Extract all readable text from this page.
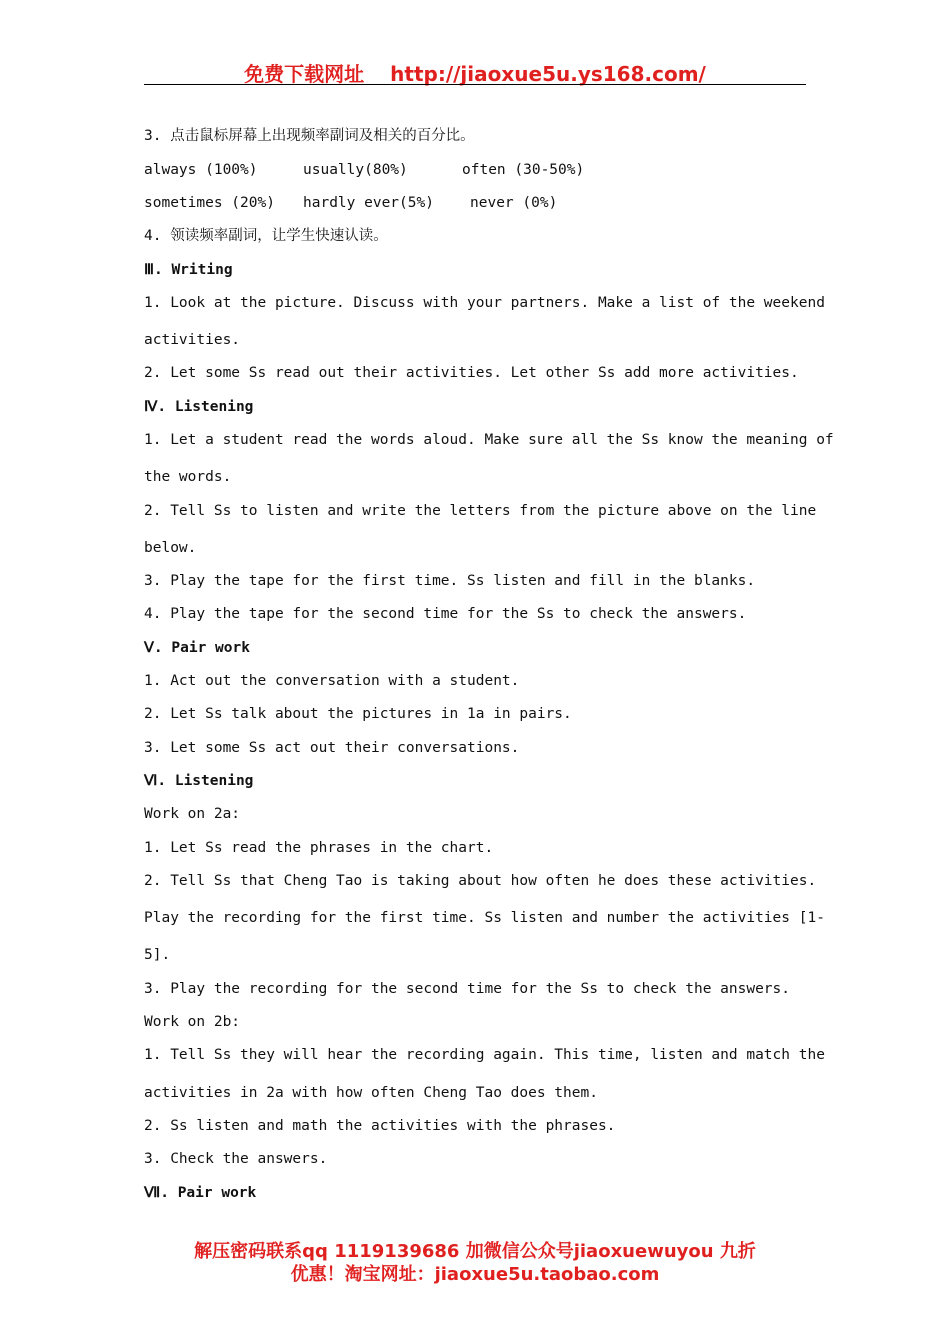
免费下载网址 http://jiaoxue5u.ys168.com/
3. 点击鼠标屏幕上出现频率副词及相关的百分比。
always (100%)	usually(80%)	often (30-50%)
sometimes (20%) hardly ever(5%) never (0%)
4. 领读频率副词，让学生快速认读。
Ⅲ. Writing
1. Look at the picture. Discuss with your partners. Make a list of the weekend
activities.
2. Let some Ss read out their activities. Let other Ss add more activities.
Ⅳ. Listening
1. Let a student read the words aloud. Make sure all the Ss know the meaning of
the words.
2. Tell Ss to listen and write the letters from the picture above on the line
below.
3. Play the tape for the first time. Ss listen and fill in the blanks.
4. Play the tape for the second time for the Ss to check the answers.
Ⅴ. Pair work
1. Act out the conversation with a student.
2. Let Ss talk about the pictures in 1a in pairs.
3. Let some Ss act out their conversations.
Ⅵ. Listening
Work on 2a:
1. Let Ss read the phrases in the chart.
2. Tell Ss that Cheng Tao is taking about how often he does these activities.
Play the recording for the first time. Ss listen and number the activities [1-
5].
3. Play the recording for the second time for the Ss to check the answers.
Work on 2b:
1. Tell Ss they will hear the recording again. This time, listen and match the
activities in 2a with how often Cheng Tao does them.
2. Ss listen and math the activities with the phrases.
3. Check the answers.
Ⅶ. Pair work
解压密码联系qq 1119139686 加微信公众号jiaoxuewuyou 九折
优惠！淘宝网址：jiaoxue5u.taobao.com
